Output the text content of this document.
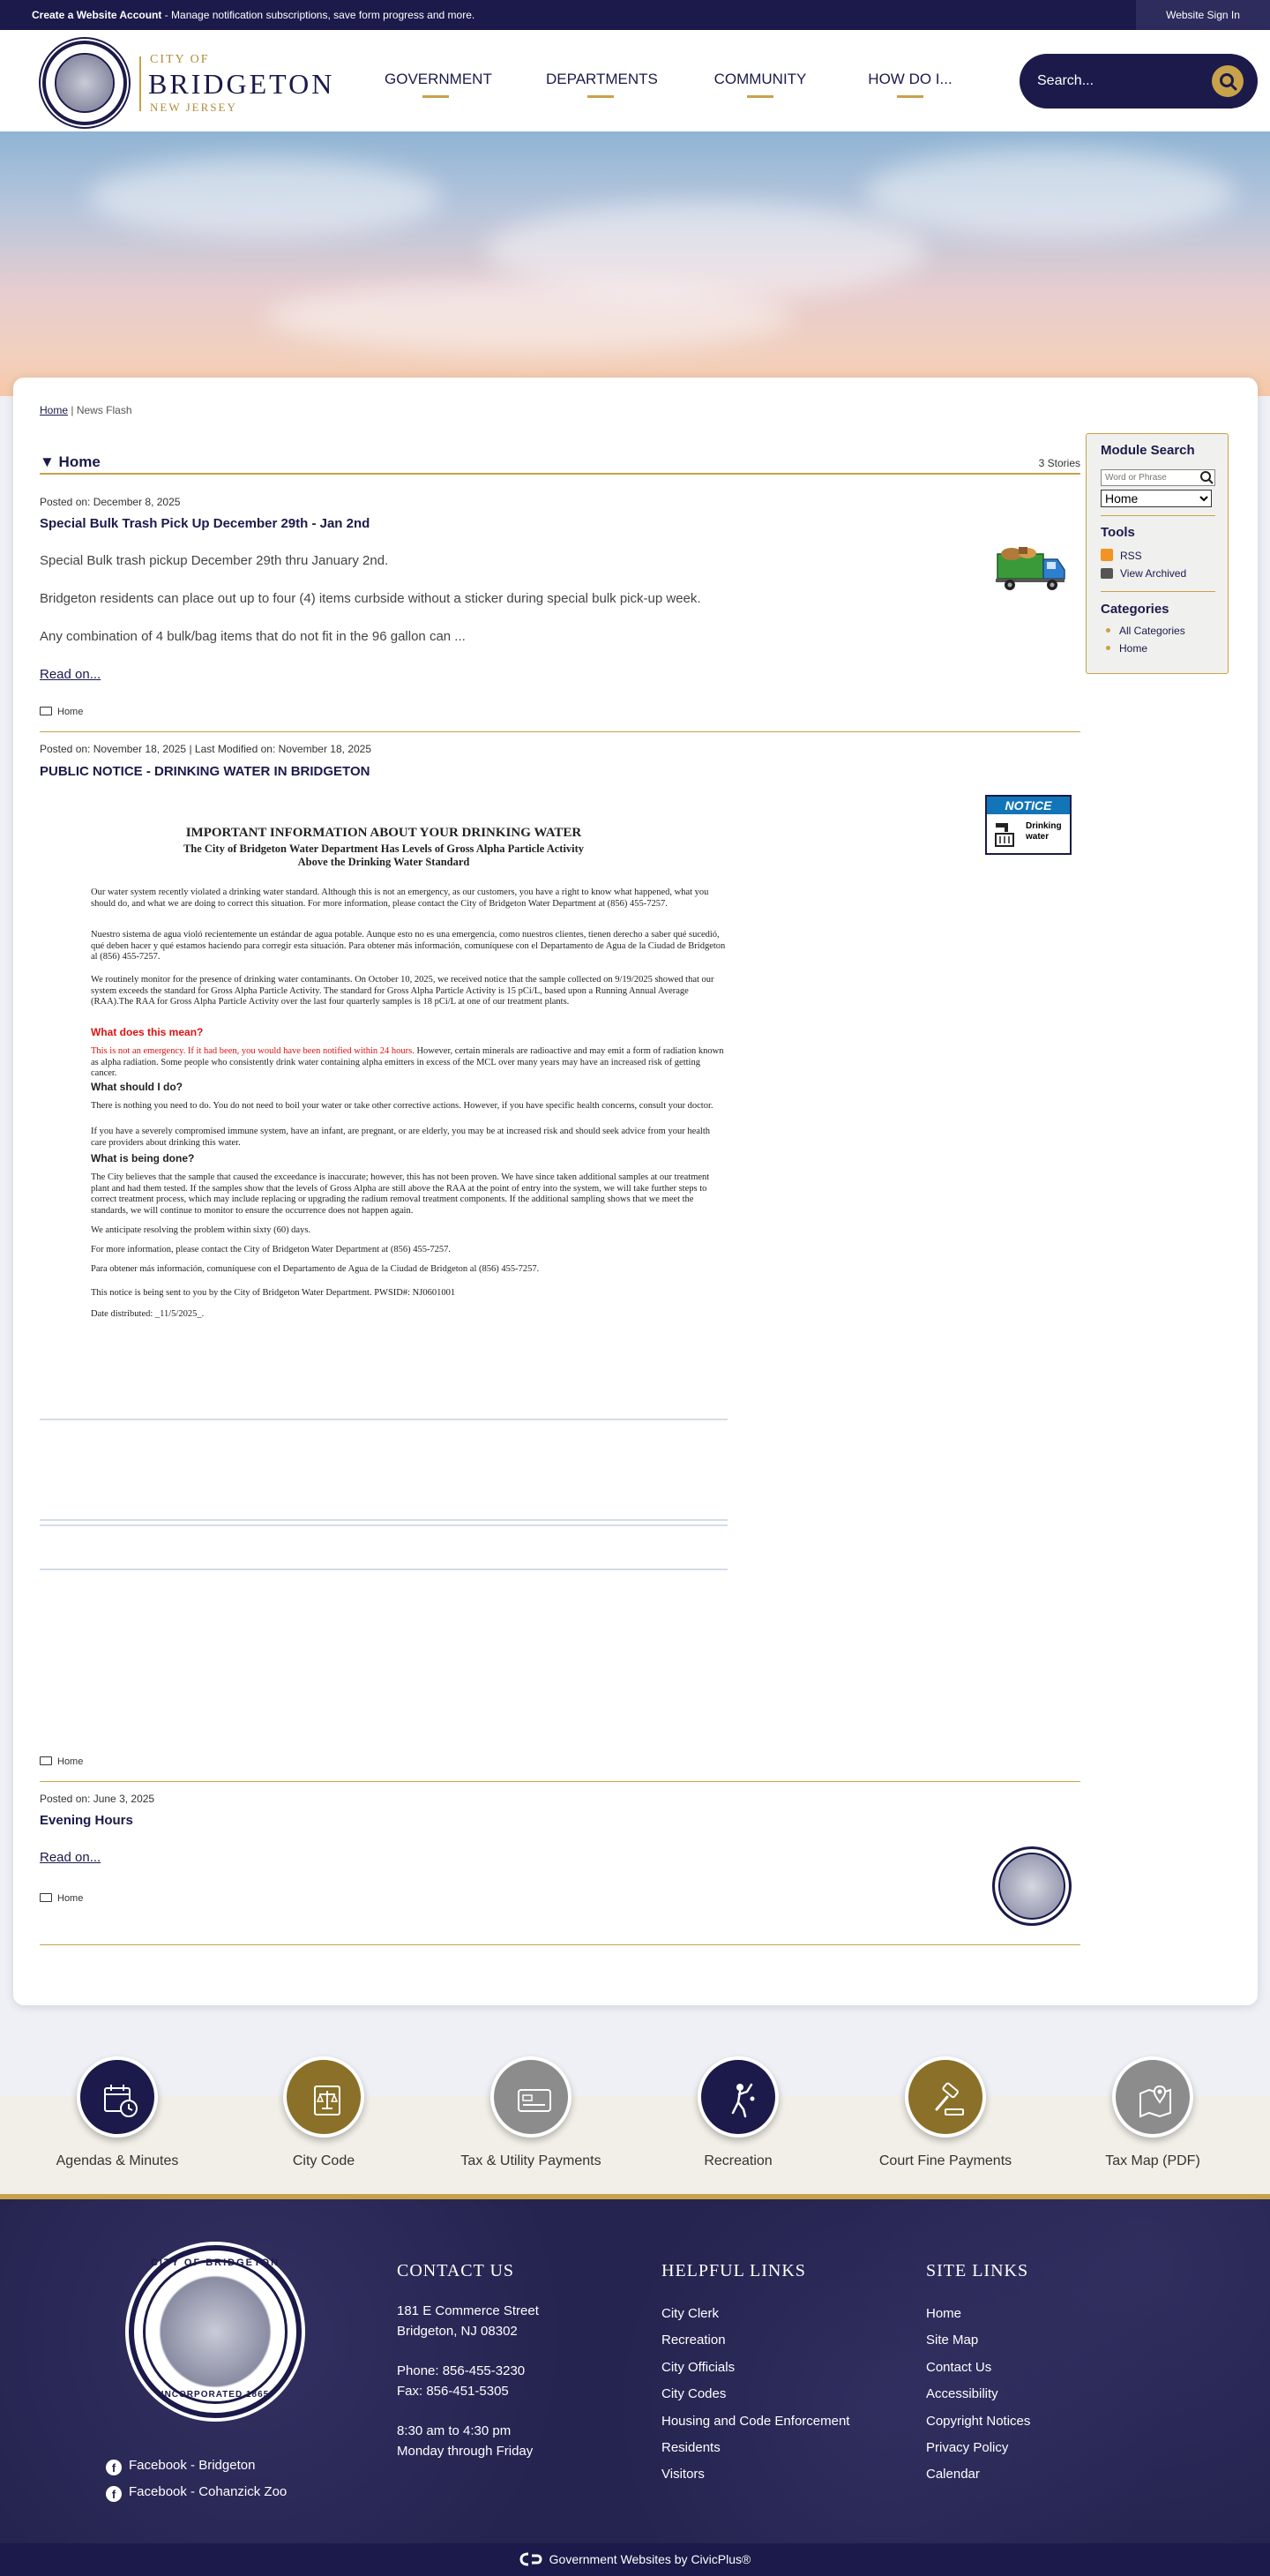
Create a Website Account - Manage notification subscriptions, save form progress and more.	Website Sign In
CITY OF
BRIDGETON
NEW JERSEY
GOVERNMENT	DEPARTMENTS	COMMUNITY	HOW DO I...
Search...
Home | News Flash
▼ Home	3 Stories
Posted on: December 8, 2025
Special Bulk Trash Pick Up December 29th - Jan 2nd
Special Bulk trash pickup December 29th thru January 2nd.
Bridgeton residents can place out up to four (4) items curbside without a sticker during special bulk pick-up week.
Any combination of 4 bulk/bag items that do not fit in the 96 gallon can ...
Read on...
Home
Posted on: November 18, 2025 | Last Modified on: November 18, 2025
PUBLIC NOTICE - DRINKING WATER IN BRIDGETON
NOTICE
Drinking
water
IMPORTANT INFORMATION ABOUT YOUR DRINKING WATER
The City of Bridgeton Water Department Has Levels of Gross Alpha Particle Activity
Above the Drinking Water Standard

Our water system recently violated a drinking water standard. Although this is not an emergency, as our customers, you have a right to know what happened, what you should do, and what we are doing to correct this situation. For more information, please contact the City of Bridgeton Water Department at (856) 455-7257.

Nuestro sistema de agua violó recientemente un estándar de agua potable. Aunque esto no es una emergencia, como nuestros clientes, tienen derecho a saber qué sucedió, qué deben hacer y qué estamos haciendo para corregir esta situación. Para obtener más información, comuníquese con el Departamento de Agua de la Ciudad de Bridgeton al (856) 455-7257.

We routinely monitor for the presence of drinking water contaminants. On October 10, 2025, we received notice that the sample collected on 9/19/2025 showed that our system exceeds the standard for Gross Alpha Particle Activity. The standard for Gross Alpha Particle Activity is 15 pCi/L, based upon a Running Annual Average (RAA).The RAA for Gross Alpha Particle Activity over the last four quarterly samples is 18 pCi/L at one of our treatment plants.

What does this mean?

This is not an emergency. If it had been, you would have been notified within 24 hours. However, certain minerals are radioactive and may emit a form of radiation known as alpha radiation. Some people who consistently drink water containing alpha emitters in excess of the MCL over many years may have an increased risk of getting cancer.

What should I do?

There is nothing you need to do. You do not need to boil your water or take other corrective actions. However, if you have specific health concerns, consult your doctor.

If you have a severely compromised immune system, have an infant, are pregnant, or are elderly, you may be at increased risk and should seek advice from your health care providers about drinking this water.

What is being done?

The City believes that the sample that caused the exceedance is inaccurate; however, this has not been proven. We have since taken additional samples at our treatment plant and had them tested. If the samples show that the levels of Gross Alpha are still above the RAA at the point of entry into the system, we will take further steps to correct treatment process, which may include replacing or upgrading the radium removal treatment components. If the additional sampling shows that we meet the standards, we will continue to monitor to ensure the occurrence does not happen again.

We anticipate resolving the problem within sixty (60) days.

For more information, please contact the City of Bridgeton Water Department at (856) 455-7257.

Para obtener más información, comuníquese con el Departamento de Agua de la Ciudad de Bridgeton al (856) 455-7257.

This notice is being sent to you by the City of Bridgeton Water Department. PWSID#: NJ0601001

Date distributed: _11/5/2025_.

Home
Posted on: June 3, 2025
Evening Hours
Read on...
Home
Module Search
Word or Phrase
Home
Tools
RSS
View Archived
Categories
All Categories
Home
Agendas & Minutes	City Code	Tax & Utility Payments	Recreation	Court Fine Payments	Tax Map (PDF)
CITY OF BRIDGETON
INCORPORATED 1865
f Facebook - Bridgeton
f Facebook - Cohanzick Zoo
CONTACT US
181 E Commerce Street
Bridgeton, NJ 08302
Phone: 856-455-3230
Fax: 856-451-5305
8:30 am to 4:30 pm
Monday through Friday
HELPFUL LINKS
City Clerk
Recreation
City Officials
City Codes
Housing and Code Enforcement
Residents
Visitors
SITE LINKS
Home
Site Map
Contact Us
Accessibility
Copyright Notices
Privacy Policy
Calendar
Government Websites by CivicPlus®
